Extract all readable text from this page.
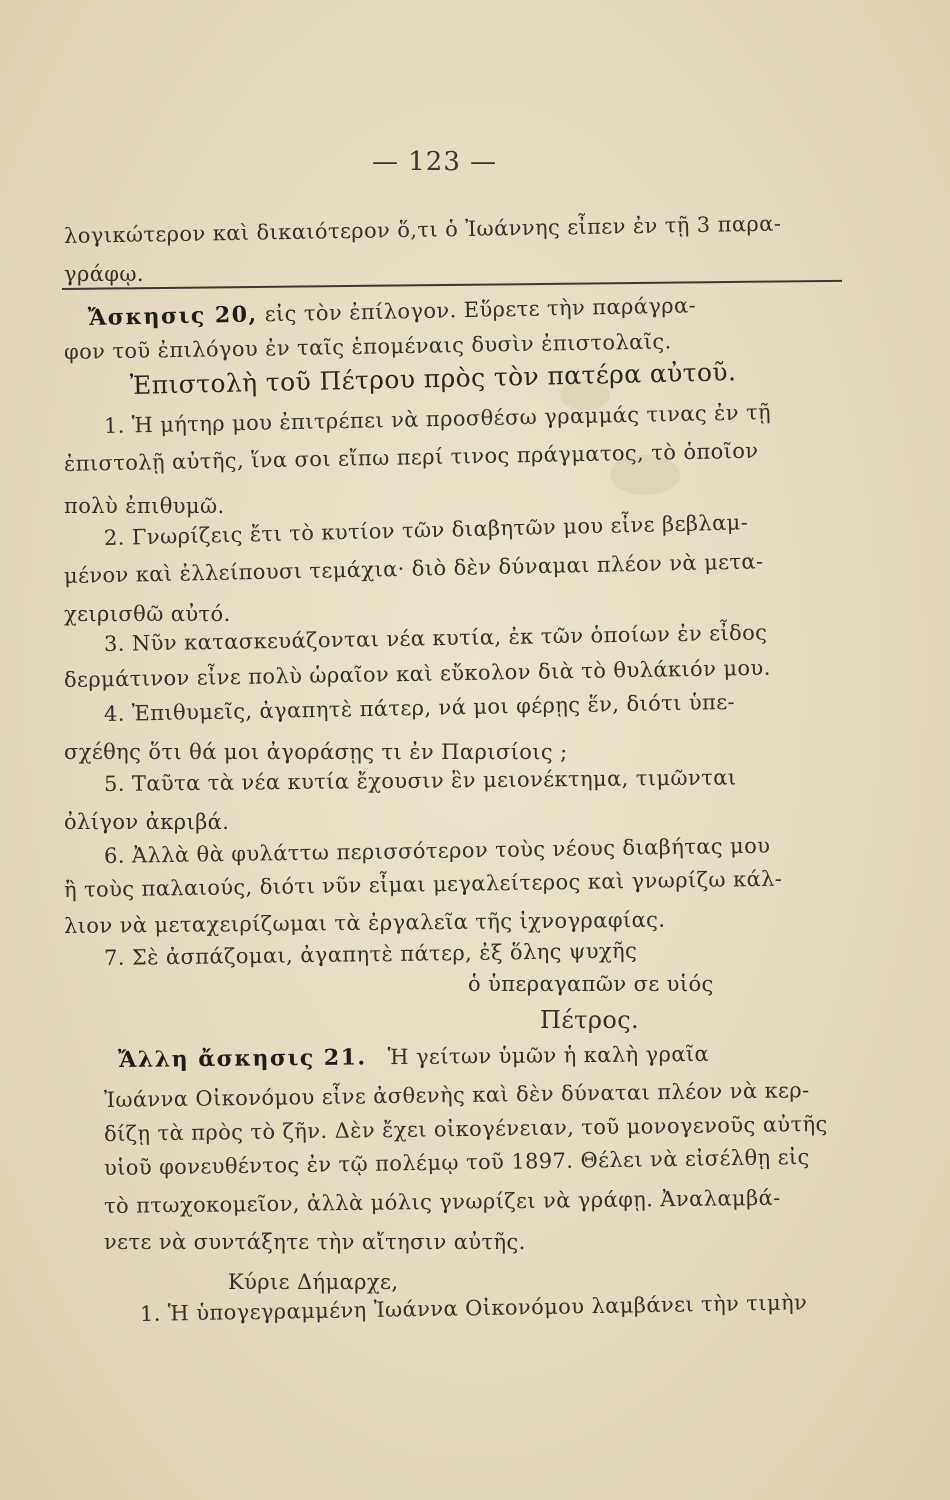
— 123 —
λογικώτερον καὶ δικαιότερον ὅ,τι ὁ Ἰωάννης εἶπεν ἐν τῇ 3 παρα-
γράφῳ.
Ἄσκησις 20, εἰς τὸν ἐπίλογον. Εὕρετε τὴν παράγρα-
φον τοῦ ἐπιλόγου ἐν ταῖς ἑπομέναις δυσὶν ἐπιστολαῖς.
Ἐπιστολὴ τοῦ Πέτρου πρὸς τὸν πατέρα αὐτοῦ.
1. Ἡ μήτηρ μου ἐπιτρέπει νὰ προσθέσω γραμμάς τινας ἐν τῇ
ἐπιστολῇ αὐτῆς, ἵνα σοι εἴπω περί τινος πράγματος, τὸ ὁποῖον
πολὺ ἐπιθυμῶ.
2. Γνωρίζεις ἔτι τὸ κυτίον τῶν διαβητῶν μου εἶνε βεβλαμ-
μένον καὶ ἐλλείπουσι τεμάχια· διὸ δὲν δύναμαι πλέον νὰ μετα-
χειρισθῶ αὐτό.
3. Νῦν κατασκευάζονται νέα κυτία, ἐκ τῶν ὁποίων ἐν εἶδος
δερμάτινον εἶνε πολὺ ὡραῖον καὶ εὔκολον διὰ τὸ θυλάκιόν μου.
4. Ἐπιθυμεῖς, ἀγαπητὲ πάτερ, νά μοι φέρῃς ἕν, διότι ὑπε-
σχέθης ὅτι θά μοι ἀγοράσῃς τι ἐν Παρισίοις ;
5. Ταῦτα τὰ νέα κυτία ἔχουσιν ἓν μειονέκτημα, τιμῶνται
ὀλίγον ἀκριβά.
6. Ἀλλὰ θὰ φυλάττω περισσότερον τοὺς νέους διαβήτας μου
ἢ τοὺς παλαιούς, διότι νῦν εἶμαι μεγαλείτερος καὶ γνωρίζω κάλ-
λιον νὰ μεταχειρίζωμαι τὰ ἐργαλεῖα τῆς ἰχνογραφίας.
7. Σὲ ἀσπάζομαι, ἀγαπητὲ πάτερ, ἐξ ὅλης ψυχῆς
ὁ ὑπεραγαπῶν σε υἱός
Πέτρος.
Ἄλλη ἄσκησις 21. Ἡ γείτων ὑμῶν ἡ καλὴ γραῖα
Ἰωάννα Οἰκονόμου εἶνε ἀσθενὴς καὶ δὲν δύναται πλέον νὰ κερ-
δίζῃ τὰ πρὸς τὸ ζῆν. Δὲν ἔχει οἰκογένειαν, τοῦ μονογενοῦς αὐτῆς
υἱοῦ φονευθέντος ἐν τῷ πολέμῳ τοῦ 1897. Θέλει νὰ εἰσέλθῃ εἰς
τὸ πτωχοκομεῖον, ἀλλὰ μόλις γνωρίζει νὰ γράφῃ. Ἀναλαμβά-
νετε νὰ συντάξητε τὴν αἴτησιν αὐτῆς.
Κύριε Δήμαρχε,
1. Ἡ ὑπογεγραμμένη Ἰωάννα Οἰκονόμου λαμβάνει τὴν τιμὴν
